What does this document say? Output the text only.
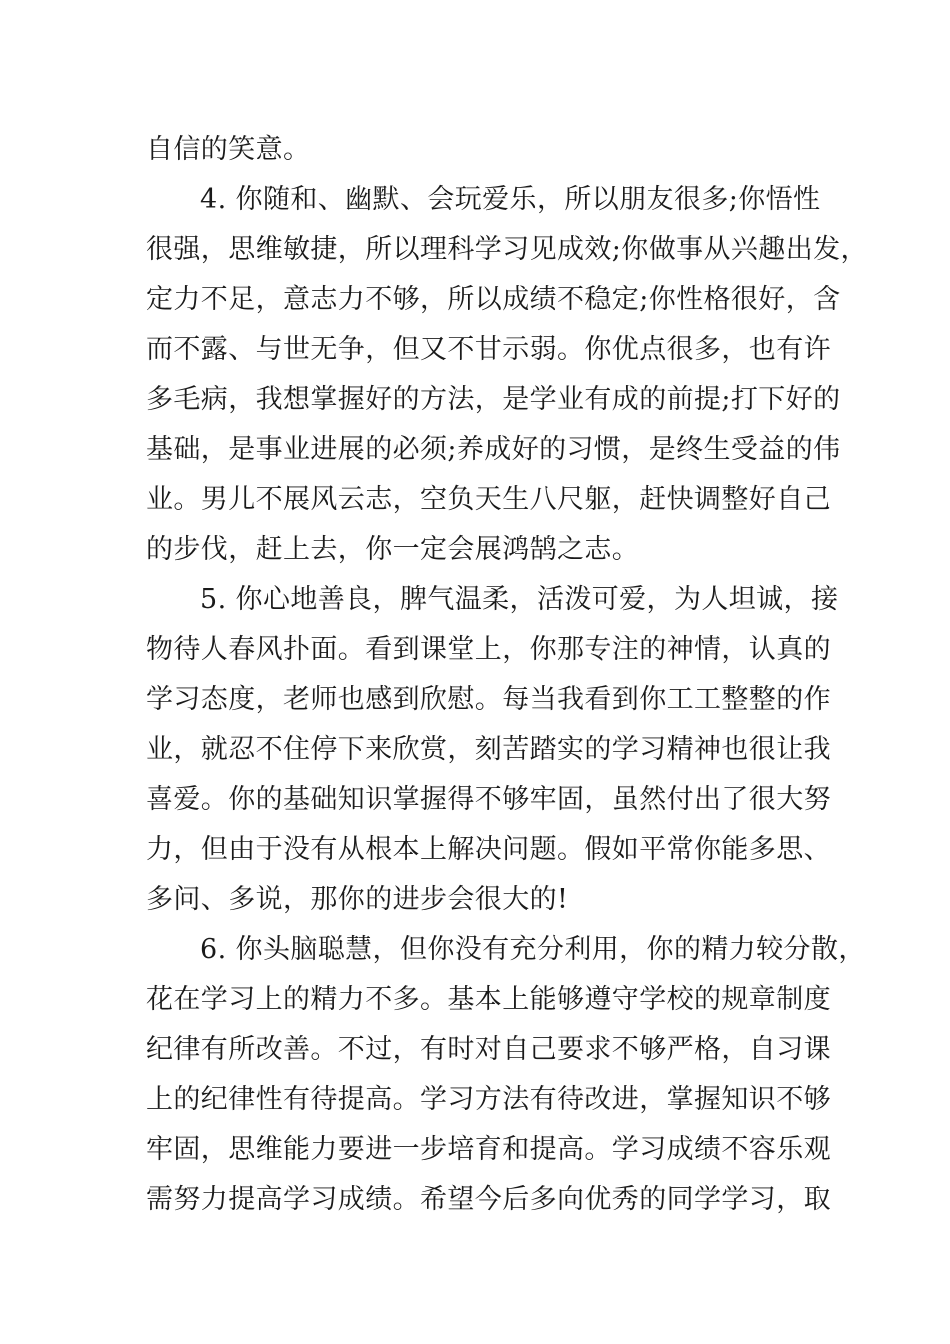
自信的笑意。
4. 你随和、幽默、会玩爱乐，所以朋友很多;你悟性
很强，思维敏捷，所以理科学习见成效;你做事从兴趣出发，
定力不足，意志力不够，所以成绩不稳定;你性格很好，含
而不露、与世无争，但又不甘示弱。你优点很多，也有许
多毛病，我想掌握好的方法，是学业有成的前提;打下好的
基础，是事业进展的必须;养成好的习惯，是终生受益的伟
业。男儿不展风云志，空负天生八尺躯，赶快调整好自己
的步伐，赶上去，你一定会展鸿鹄之志。
5. 你心地善良，脾气温柔，活泼可爱，为人坦诚，接
物待人春风扑面。看到课堂上，你那专注的神情，认真的
学习态度，老师也感到欣慰。每当我看到你工工整整的作
业，就忍不住停下来欣赏，刻苦踏实的学习精神也很让我
喜爱。你的基础知识掌握得不够牢固，虽然付出了很大努
力，但由于没有从根本上解决问题。假如平常你能多思、
多问、多说，那你的进步会很大的!
6. 你头脑聪慧，但你没有充分利用，你的精力较分散，
花在学习上的精力不多。基本上能够遵守学校的规章制度
纪律有所改善。不过，有时对自己要求不够严格，自习课
上的纪律性有待提高。学习方法有待改进，掌握知识不够
牢固，思维能力要进一步培育和提高。学习成绩不容乐观
需努力提高学习成绩。希望今后多向优秀的同学学习，取
